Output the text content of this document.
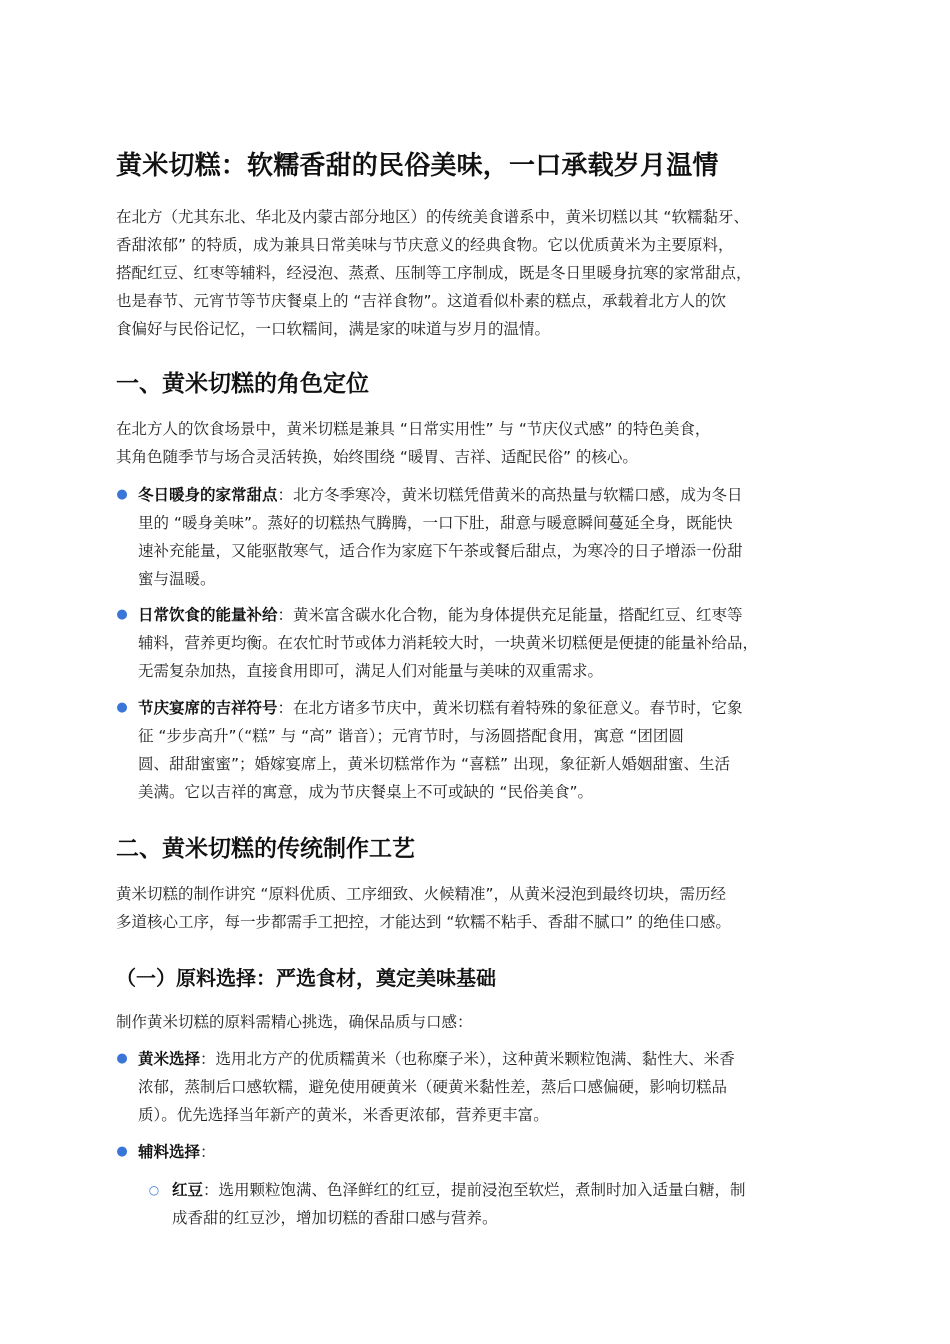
黄米切糕：软糯香甜的民俗美味，一口承载岁月温情
在北方（尤其东北、华北及内蒙古部分地区）的传统美食谱系中，黄米切糕以其 “软糯黏牙、
香甜浓郁” 的特质，成为兼具日常美味与节庆意义的经典食物。它以优质黄米为主要原料，
搭配红豆、红枣等辅料，经浸泡、蒸煮、压制等工序制成，既是冬日里暖身抗寒的家常甜点，
也是春节、元宵节等节庆餐桌上的 “吉祥食物”。这道看似朴素的糕点，承载着北方人的饮
食偏好与民俗记忆，一口软糯间，满是家的味道与岁月的温情。
一、黄米切糕的角色定位
在北方人的饮食场景中，黄米切糕是兼具 “日常实用性” 与 “节庆仪式感” 的特色美食，
其角色随季节与场合灵活转换，始终围绕 “暖胃、吉祥、适配民俗” 的核心。
● 冬日暖身的家常甜点：北方冬季寒冷，黄米切糕凭借黄米的高热量与软糯口感，成为冬日
里的 “暖身美味”。蒸好的切糕热气腾腾，一口下肚，甜意与暖意瞬间蔓延全身，既能快
速补充能量，又能驱散寒气，适合作为家庭下午茶或餐后甜点，为寒冷的日子增添一份甜
蜜与温暖。
● 日常饮食的能量补给：黄米富含碳水化合物，能为身体提供充足能量，搭配红豆、红枣等
辅料，营养更均衡。在农忙时节或体力消耗较大时，一块黄米切糕便是便捷的能量补给品，
无需复杂加热，直接食用即可，满足人们对能量与美味的双重需求。
● 节庆宴席的吉祥符号：在北方诸多节庆中，黄米切糕有着特殊的象征意义。春节时，它象
征 “步步高升”（“糕” 与 “高” 谐音）；元宵节时，与汤圆搭配食用，寓意 “团团圆
圆、甜甜蜜蜜”；婚嫁宴席上，黄米切糕常作为 “喜糕” 出现，象征新人婚姻甜蜜、生活
美满。它以吉祥的寓意，成为节庆餐桌上不可或缺的 “民俗美食”。
二、黄米切糕的传统制作工艺
黄米切糕的制作讲究 “原料优质、工序细致、火候精准”，从黄米浸泡到最终切块，需历经
多道核心工序，每一步都需手工把控，才能达到 “软糯不粘手、香甜不腻口” 的绝佳口感。
（一）原料选择：严选食材，奠定美味基础
制作黄米切糕的原料需精心挑选，确保品质与口感：
● 黄米选择：选用北方产的优质糯黄米（也称糜子米），这种黄米颗粒饱满、黏性大、米香
浓郁，蒸制后口感软糯，避免使用硬黄米（硬黄米黏性差，蒸后口感偏硬，影响切糕品
质）。优先选择当年新产的黄米，米香更浓郁，营养更丰富。
● 辅料选择：
○ 红豆：选用颗粒饱满、色泽鲜红的红豆，提前浸泡至软烂，煮制时加入适量白糖，制
成香甜的红豆沙，增加切糕的香甜口感与营养。
